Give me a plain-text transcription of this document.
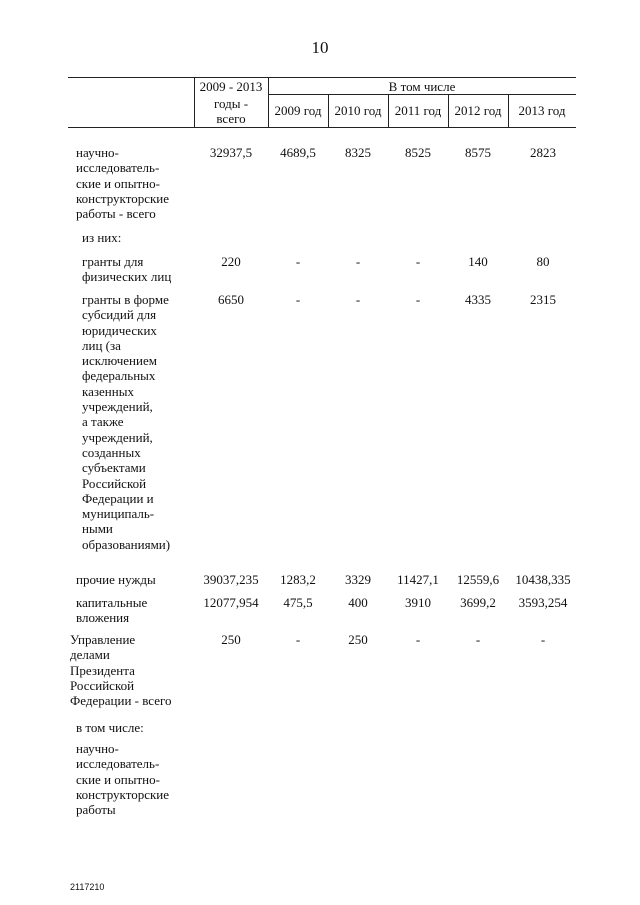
10
2009 - 2013
годы -
всего
В том числе
2009 год	2010 год	2011 год	2012 год	2013 год
научно-
исследователь-
ские и опытно-
конструкторские
работы - всего
32937,5	4689,5	8325	8525	8575	2823
из них:
гранты для
физических лиц
220	-	-	-	140	80
гранты в форме
субсидий для
юридических
лиц (за
исключением
федеральных
казенных
учреждений,
а также
учреждений,
созданных
субъектами
Российской
Федерации и
муниципаль-
ными
образованиями)
6650	-	-	-	4335	2315
прочие нужды	39037,235	1283,2	3329	11427,1	12559,6	10438,335
капитальные
вложения
12077,954	475,5	400	3910	3699,2	3593,254
Управление
делами
Президента
Российской
Федерации - всего
250	-	250	-	-	-
в том числе:
научно-
исследователь-
ские и опытно-
конструкторские
работы
2117210
